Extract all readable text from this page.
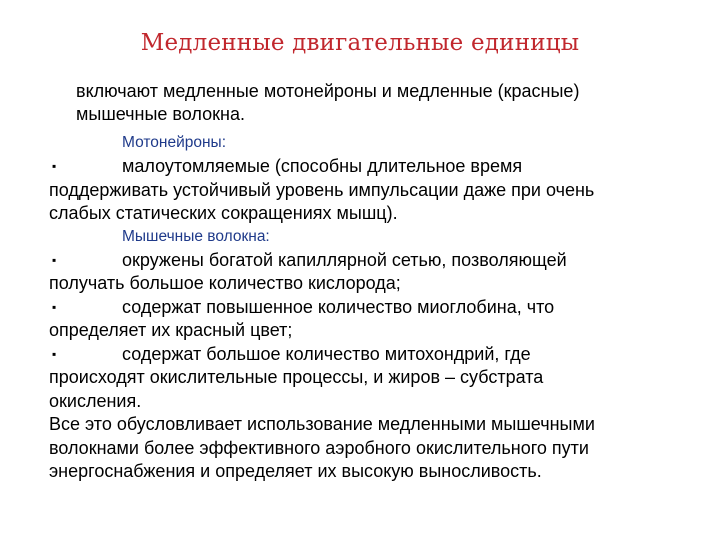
Медленные двигательные единицы
включают медленные мотонейроны и медленные (красные)
мышечные волокна.
Мотонейроны:
▪	малоутомляемые (способны длительное время
поддерживать устойчивый уровень импульсации даже при очень
слабых статических сокращениях мышц).
Мышечные волокна:
▪	окружены богатой капиллярной сетью, позволяющей
получать большое количество кислорода;
▪	содержат повышенное количество миоглобина, что
определяет их красный цвет;
▪	содержат большое количество митохондрий, где
происходят окислительные процессы, и жиров – субстрата
окисления.
Все это обусловливает использование медленными мышечными
волокнами более эффективного аэробного окислительного пути
энергоснабжения и определяет их высокую выносливость.
